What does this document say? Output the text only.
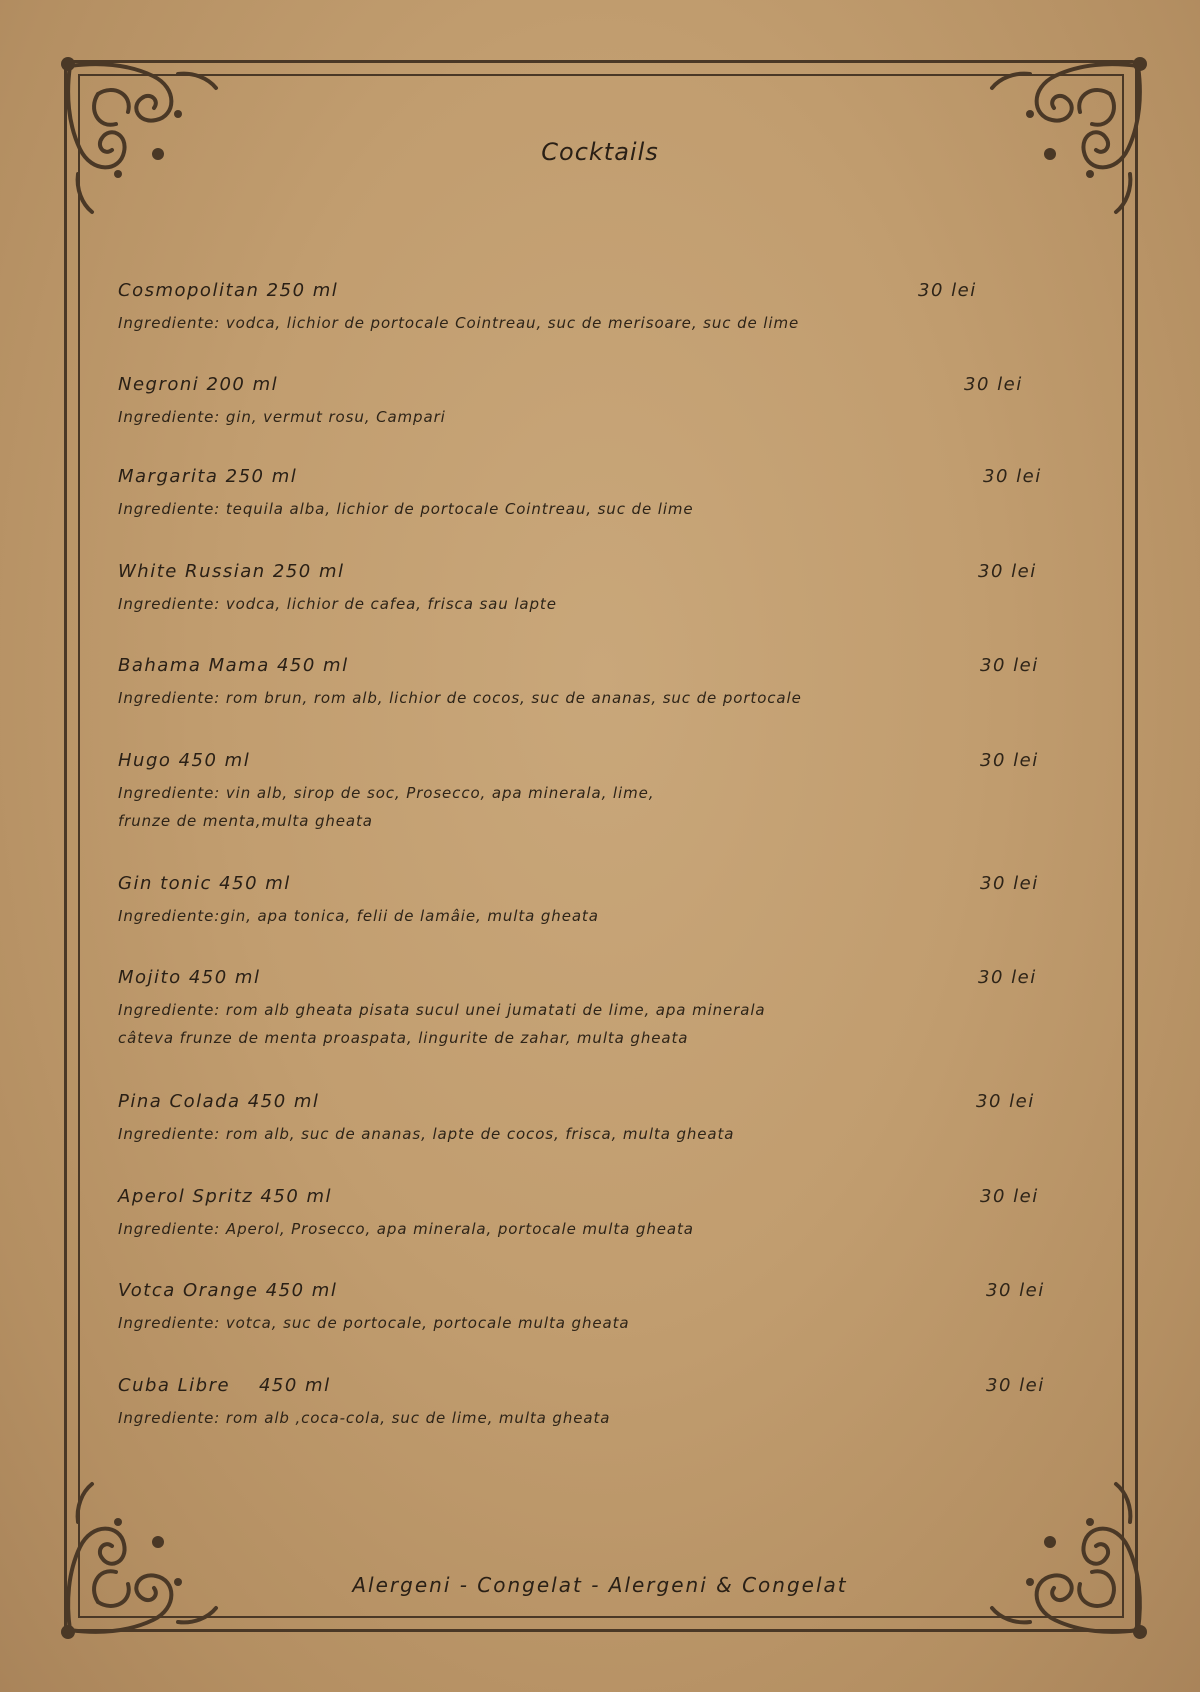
Cocktails
Cosmopolitan 250 ml	30 lei
Ingrediente: vodca, lichior de portocale Cointreau, suc de merisoare, suc de lime
Negroni 200 ml	30 lei
Ingrediente: gin, vermut rosu, Campari
Margarita 250 ml	30 lei
Ingrediente: tequila alba, lichior de portocale Cointreau, suc de lime
White Russian 250 ml	30 lei
Ingrediente: vodca, lichior de cafea, frisca sau lapte
Bahama Mama 450 ml	30 lei
Ingrediente: rom brun, rom alb, lichior de cocos, suc de ananas, suc de portocale
Hugo 450 ml	30 lei
Ingrediente: vin alb, sirop de soc, Prosecco, apa minerala, lime,
frunze de menta,multa gheata
Gin tonic 450 ml	30 lei
Ingrediente:gin, apa tonica, felii de lamâie, multa gheata
Mojito 450 ml	30 lei
Ingrediente: rom alb gheata pisata sucul unei jumatati de lime, apa minerala
câteva frunze de menta proaspata, lingurite de zahar, multa gheata
Pina Colada 450 ml	30 lei
Ingrediente: rom alb, suc de ananas, lapte de cocos, frisca, multa gheata
Aperol Spritz 450 ml	30 lei
Ingrediente: Aperol, Prosecco, apa minerala, portocale multa gheata
Votca Orange 450 ml	30 lei
Ingrediente: votca, suc de portocale, portocale multa gheata
Cuba Libre    450 ml	30 lei
Ingrediente: rom alb ,coca-cola, suc de lime, multa gheata
Alergeni - Congelat - Alergeni & Congelat
